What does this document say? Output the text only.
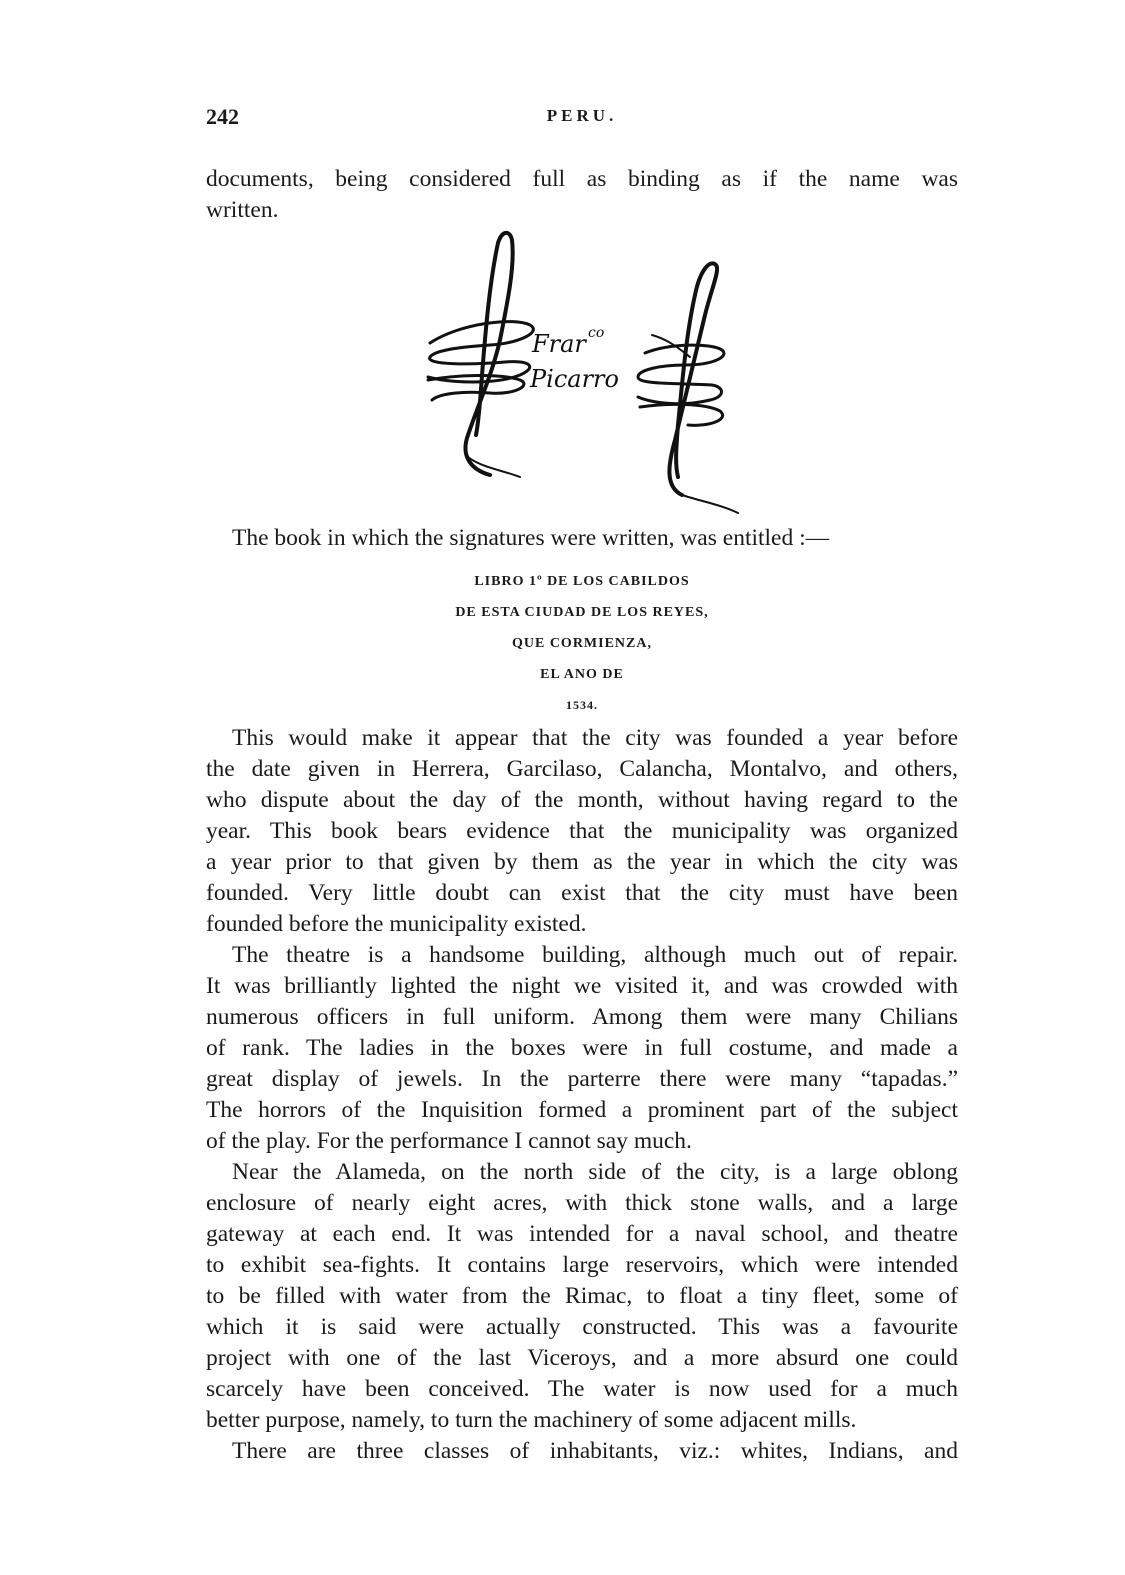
242	PERU.

documents, being considered full as binding as if the name was

written.

Frar co
Picarro

The book in which the signatures were written, was entitled :—

LIBRO 1º DE LOS CABILDOS
DE ESTA CIUDAD DE LOS REYES,
QUE CORMIENZA,
EL ANO DE
1534.

This would make it appear that the city was founded a year before

the date given in Herrera, Garcilaso, Calancha, Montalvo, and others,

who dispute about the day of the month, without having regard to the

year. This book bears evidence that the municipality was organized

a year prior to that given by them as the year in which the city was

founded. Very little doubt can exist that the city must have been

founded before the municipality existed.

The theatre is a handsome building, although much out of repair.

It was brilliantly lighted the night we visited it, and was crowded with

numerous officers in full uniform. Among them were many Chilians

of rank. The ladies in the boxes were in full costume, and made a

great display of jewels. In the parterre there were many “tapadas.”

The horrors of the Inquisition formed a prominent part of the subject

of the play. For the performance I cannot say much.

Near the Alameda, on the north side of the city, is a large oblong

enclosure of nearly eight acres, with thick stone walls, and a large

gateway at each end. It was intended for a naval school, and theatre

to exhibit sea-fights. It contains large reservoirs, which were intended

to be filled with water from the Rimac, to float a tiny fleet, some of

which it is said were actually constructed. This was a favourite

project with one of the last Viceroys, and a more absurd one could

scarcely have been conceived. The water is now used for a much

better purpose, namely, to turn the machinery of some adjacent mills.

There are three classes of inhabitants, viz.: whites, Indians, and
